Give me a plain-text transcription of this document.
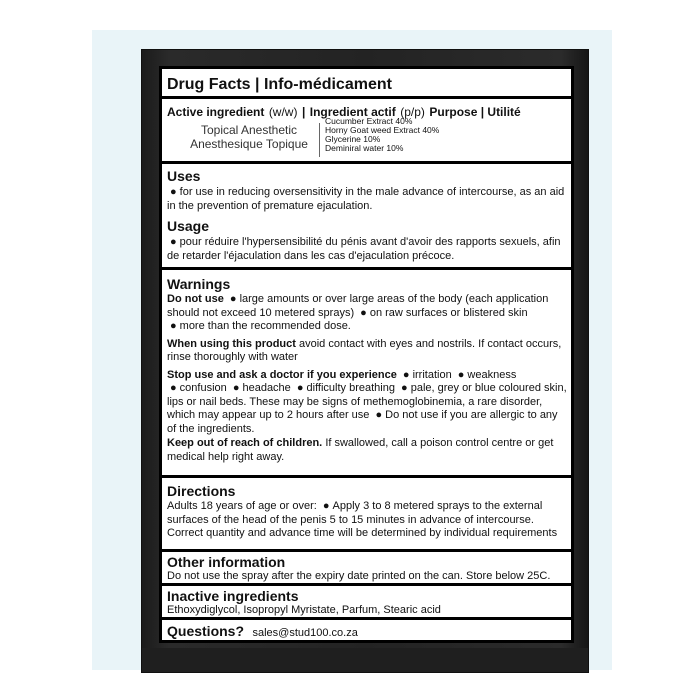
Drug Facts | Info-médicament
Active ingredient (w/w) | Ingredient actif (p/p) Purpose | Utilité
Topical Anesthetic
Anesthesique Topique
Cucumber Extract 40%
Horny Goat weed Extract 40%
Glycerine 10%
Deminiral water 10%
Uses
● for use in reducing oversensitivity in the male advance of intercourse, as an aid in the prevention of premature ejaculation.
Usage
● pour réduire l'hypersensibilité du pénis avant d'avoir des rapports sexuels, afin de retarder l'éjaculation dans les cas d'ejaculation précoce.
Warnings
Do not use ● large amounts or over large areas of the body (each application should not exceed 10 metered sprays) ● on raw surfaces or blistered skin ● more than the recommended dose.
When using this product avoid contact with eyes and nostrils. If contact occurs, rinse thoroughly with water
Stop use and ask a doctor if you experience ● irritation ● weakness ● confusion ● headache ● difficulty breathing ● pale, grey or blue coloured skin, lips or nail beds. These may be signs of methemoglobinemia, a rare disorder, which may appear up to 2 hours after use ● Do not use if you are allergic to any of the ingredients.
Keep out of reach of children. If swallowed, call a poison control centre or get medical help right away.
Directions
Adults 18 years of age or over: ● Apply 3 to 8 metered sprays to the external surfaces of the head of the penis 5 to 15 minutes in advance of intercourse. Correct quantity and advance time will be determined by individual requirements
Other information
Do not use the spray after the expiry date printed on the can. Store below 25C.
Inactive ingredients
Ethoxydiglycol, Isopropyl Myristate, Parfum, Stearic acid
Questions? sales@stud100.co.za
